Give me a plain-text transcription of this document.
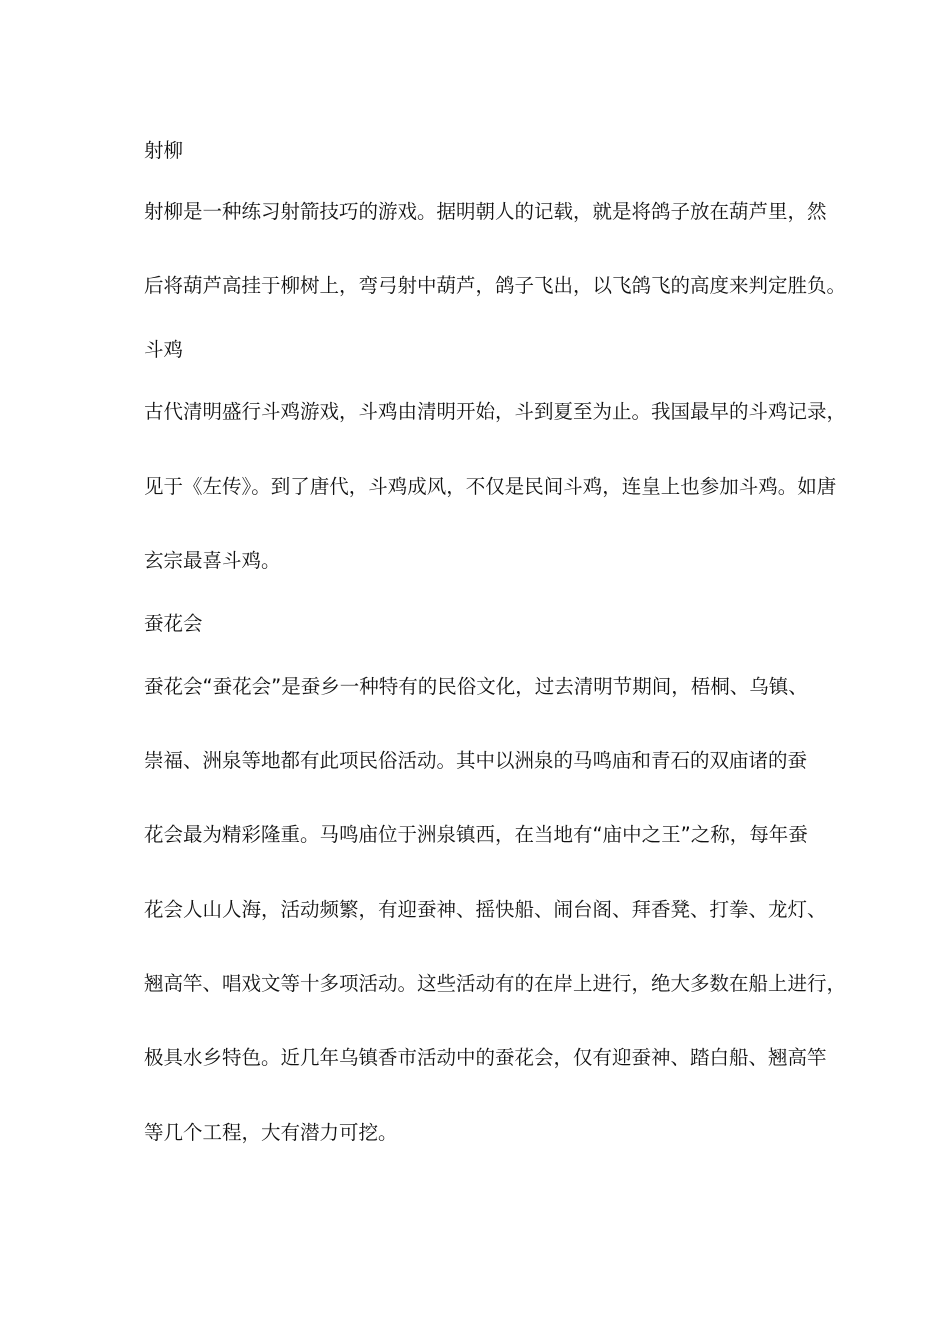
射柳

射柳是一种练习射箭技巧的游戏。据明朝人的记载，就是将鸽子放在葫芦里，然

后将葫芦高挂于柳树上，弯弓射中葫芦，鸽子飞出，以飞鸽飞的高度来判定胜负。

斗鸡

古代清明盛行斗鸡游戏，斗鸡由清明开始，斗到夏至为止。我国最早的斗鸡记录，

见于《左传》。到了唐代，斗鸡成风，不仅是民间斗鸡，连皇上也参加斗鸡。如唐

玄宗最喜斗鸡。

蚕花会

蚕花会“蚕花会”是蚕乡一种特有的民俗文化，过去清明节期间，梧桐、乌镇、

崇福、洲泉等地都有此项民俗活动。其中以洲泉的马鸣庙和青石的双庙诸的蚕

花会最为精彩隆重。马鸣庙位于洲泉镇西，在当地有“庙中之王”之称，每年蚕

花会人山人海，活动频繁，有迎蚕神、摇快船、闹台阁、拜香凳、打拳、龙灯、

翘高竿、唱戏文等十多项活动。这些活动有的在岸上进行，绝大多数在船上进行，

极具水乡特色。近几年乌镇香市活动中的蚕花会，仅有迎蚕神、踏白船、翘高竿

等几个工程，大有潜力可挖。
